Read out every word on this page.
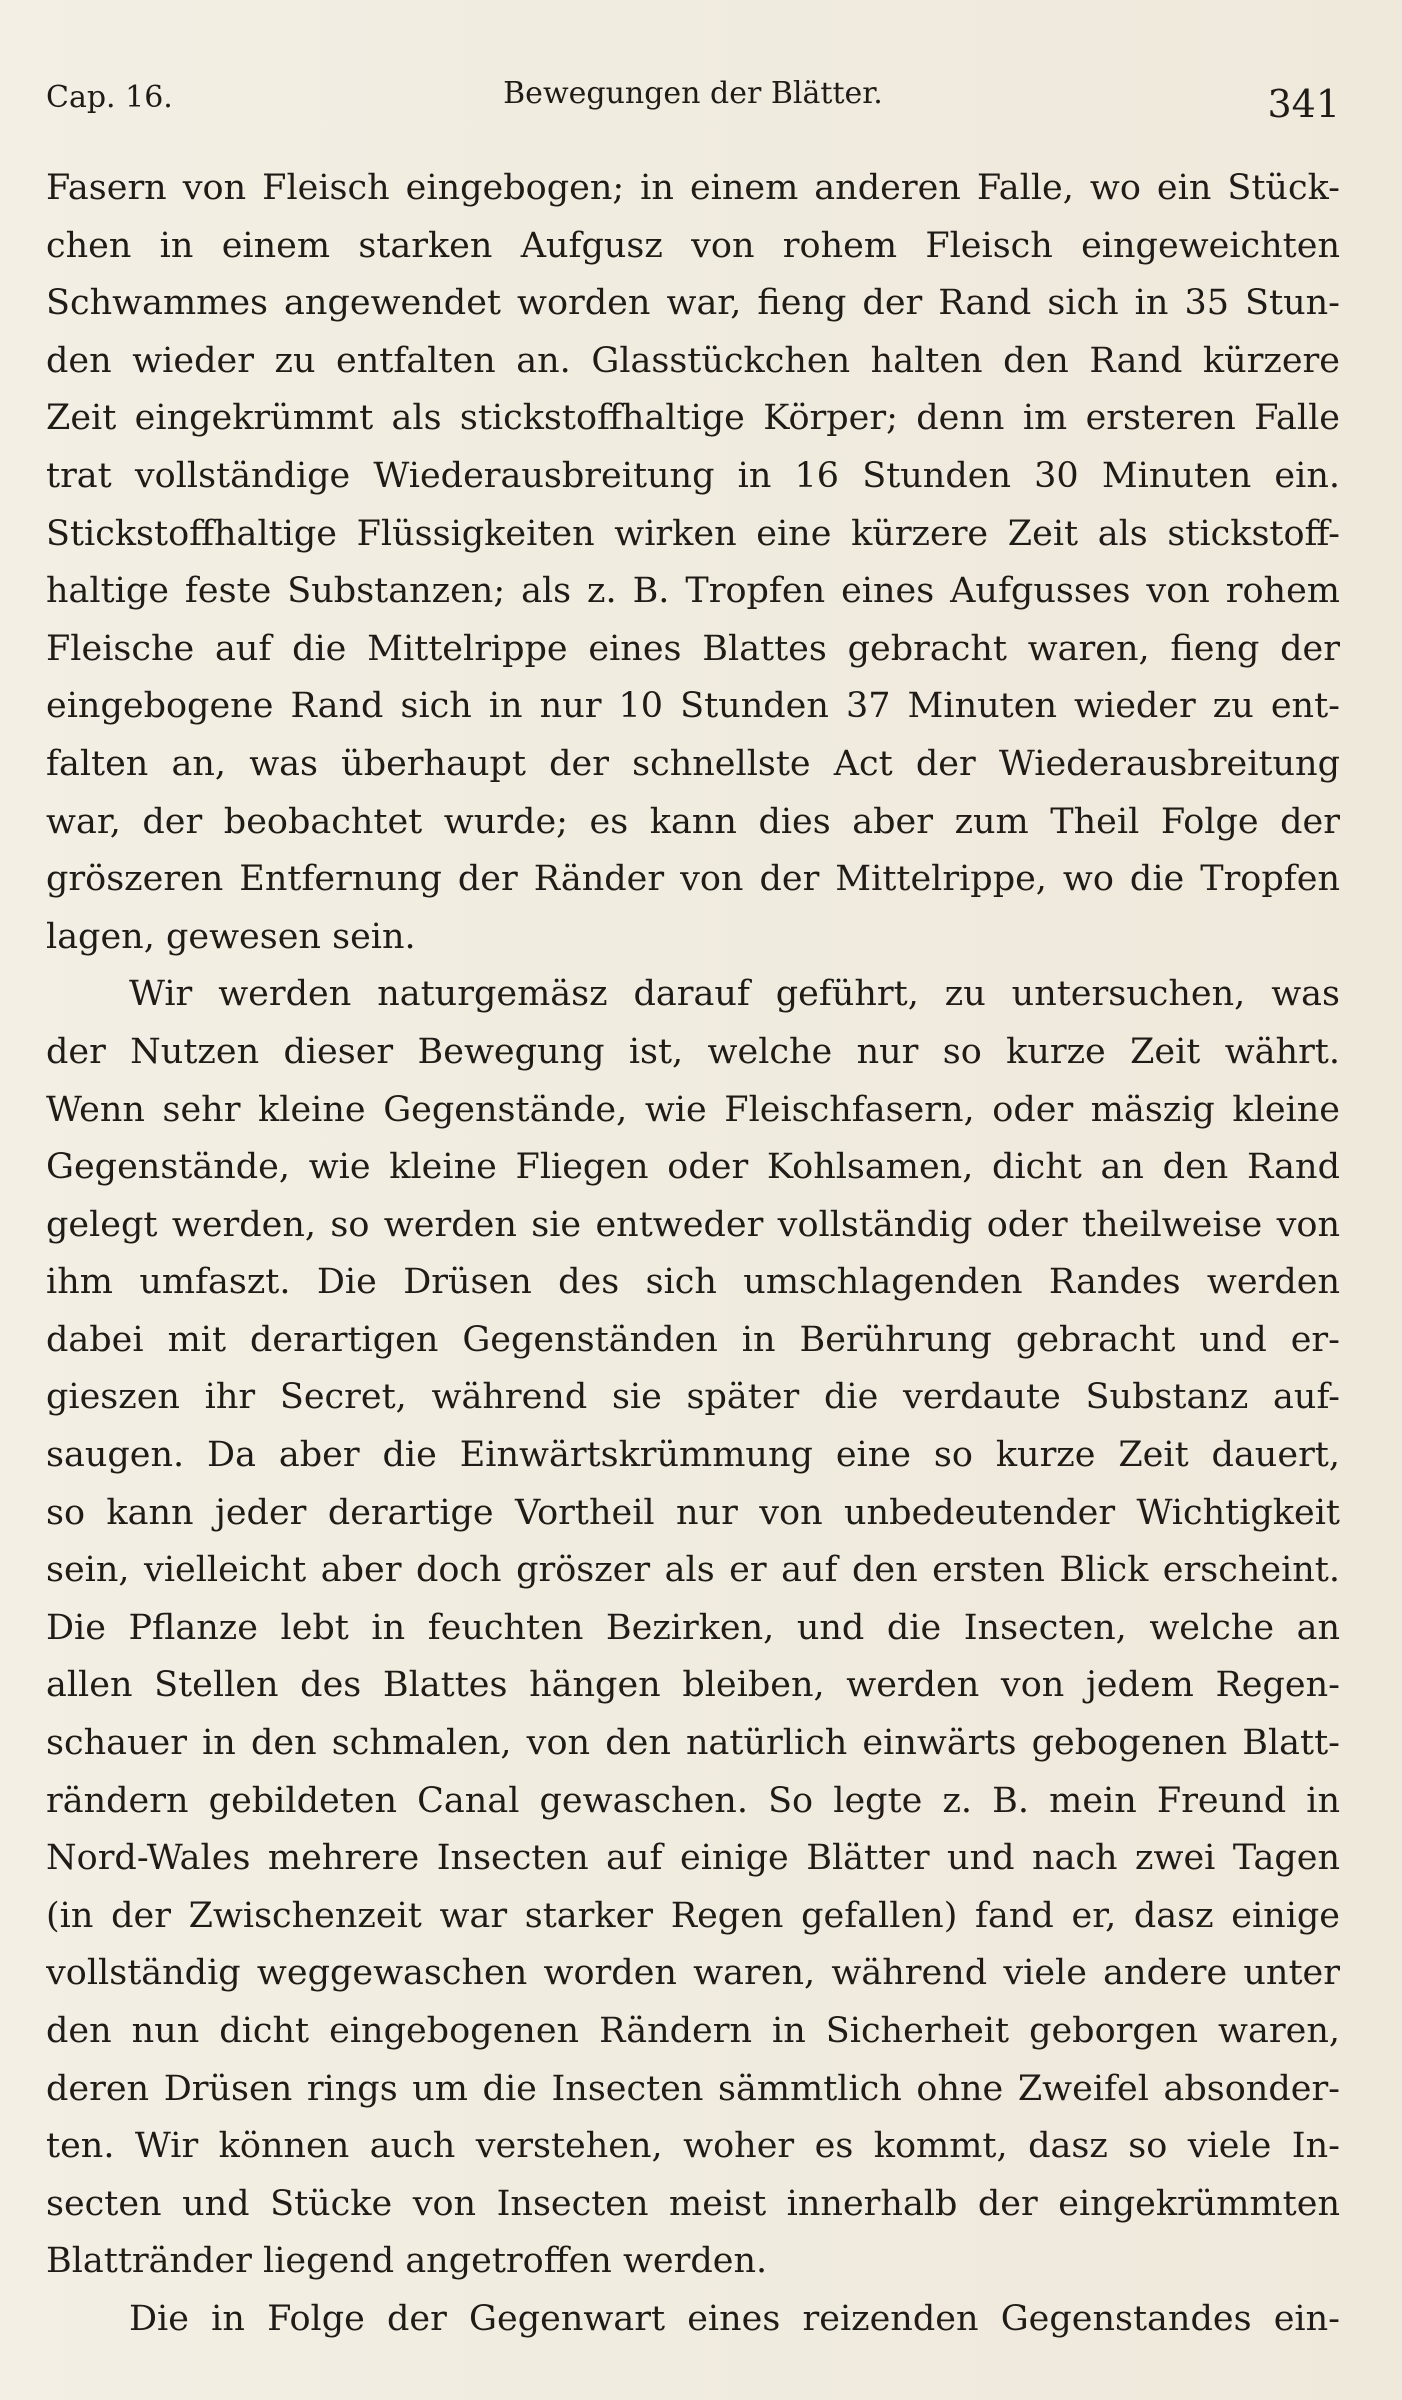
Cap. 16.	Bewegungen der Blätter.	341
Fasern von Fleisch eingebogen; in einem anderen Falle, wo ein Stück-
chen in einem starken Aufgusz von rohem Fleisch eingeweichten
Schwammes angewendet worden war, fieng der Rand sich in 35 Stun-
den wieder zu entfalten an. Glasstückchen halten den Rand kürzere
Zeit eingekrümmt als stickstoffhaltige Körper; denn im ersteren Falle
trat vollständige Wiederausbreitung in 16 Stunden 30 Minuten ein.
Stickstoffhaltige Flüssigkeiten wirken eine kürzere Zeit als stickstoff-
haltige feste Substanzen; als z. B. Tropfen eines Aufgusses von rohem
Fleische auf die Mittelrippe eines Blattes gebracht waren, fieng der
eingebogene Rand sich in nur 10 Stunden 37 Minuten wieder zu ent-
falten an, was überhaupt der schnellste Act der Wiederausbreitung
war, der beobachtet wurde; es kann dies aber zum Theil Folge der
gröszeren Entfernung der Ränder von der Mittelrippe, wo die Tropfen
lagen, gewesen sein.
Wir werden naturgemäsz darauf geführt, zu untersuchen, was
der Nutzen dieser Bewegung ist, welche nur so kurze Zeit währt.
Wenn sehr kleine Gegenstände, wie Fleischfasern, oder mäszig kleine
Gegenstände, wie kleine Fliegen oder Kohlsamen, dicht an den Rand
gelegt werden, so werden sie entweder vollständig oder theilweise von
ihm umfaszt. Die Drüsen des sich umschlagenden Randes werden
dabei mit derartigen Gegenständen in Berührung gebracht und er-
gieszen ihr Secret, während sie später die verdaute Substanz auf-
saugen. Da aber die Einwärtskrümmung eine so kurze Zeit dauert,
so kann jeder derartige Vortheil nur von unbedeutender Wichtigkeit
sein, vielleicht aber doch gröszer als er auf den ersten Blick erscheint.
Die Pflanze lebt in feuchten Bezirken, und die Insecten, welche an
allen Stellen des Blattes hängen bleiben, werden von jedem Regen-
schauer in den schmalen, von den natürlich einwärts gebogenen Blatt-
rändern gebildeten Canal gewaschen. So legte z. B. mein Freund in
Nord-Wales mehrere Insecten auf einige Blätter und nach zwei Tagen
(in der Zwischenzeit war starker Regen gefallen) fand er, dasz einige
vollständig weggewaschen worden waren, während viele andere unter
den nun dicht eingebogenen Rändern in Sicherheit geborgen waren,
deren Drüsen rings um die Insecten sämmtlich ohne Zweifel absonder-
ten. Wir können auch verstehen, woher es kommt, dasz so viele In-
secten und Stücke von Insecten meist innerhalb der eingekrümmten
Blattränder liegend angetroffen werden.
Die in Folge der Gegenwart eines reizenden Gegenstandes ein-
